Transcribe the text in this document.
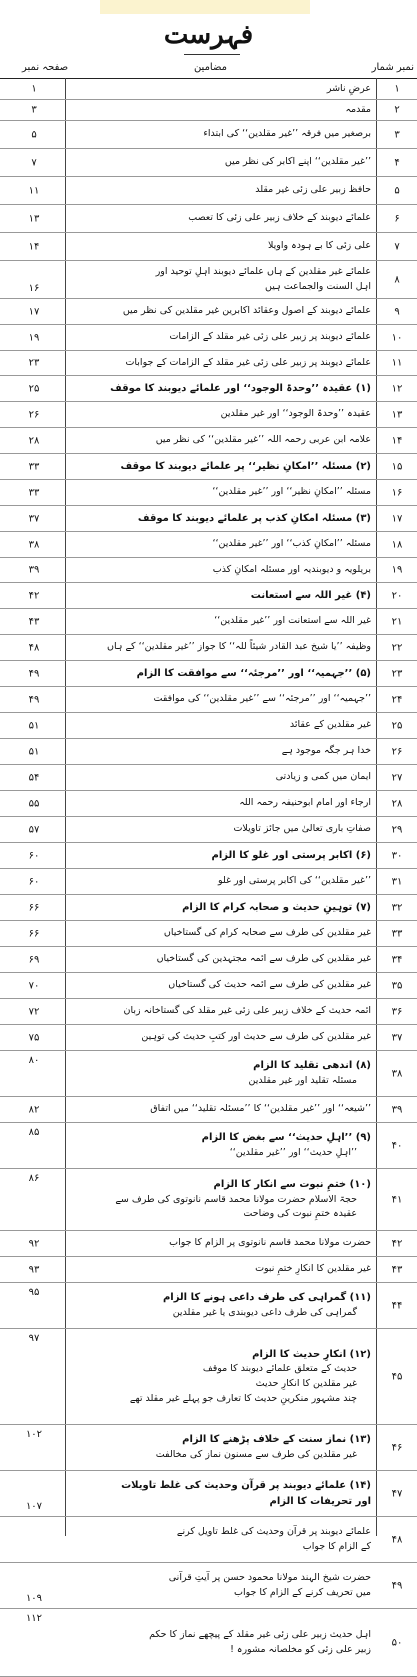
فہرست
نمبر شمار
مضامین
صفحہ نمبر
۱
عرضِ ناشر
۱
۲
مقدمہ
۳
۳
برصغیر میں فرقہ ’’غیر مقلدین‘‘ کی ابتداء
۵
۴
’’غیر مقلدین‘‘ اپنے اکابر کی نظر میں
۷
۵
حافظ زبیر علی زئی غیر مقلد
۱۱
۶
علمائے دیوبند کے خلاف زبیر علی زئی کا تعصب
۱۳
۷
علی زئی کا بے ہودہ واویلا
۱۴
۸
علمائے غیر مقلدین کے ہاں علمائے دیوبند اہلِ توحید اور
اہل السنت والجماعت ہیں
۱۶
۹
علمائے دیوبند کے اصول وعقائد اکابرین غیر مقلدین کی نظر میں
۱۷
۱۰
علمائے دیوبند پر زبیر علی زئی غیر مقلد کے الزامات
۱۹
۱۱
علمائے دیوبند پر زبیر علی زئی غیر مقلد کے الزامات کے جوابات
۲۳
۱۲
(۱) عقیدہ ’’وحدۃ الوجود‘‘ اور علمائے دیوبند کا موقف
۲۵
۱۳
عقیدہ ’’وحدۃ الوجود‘‘ اور غیر مقلدین
۲۶
۱۴
علامہ ابن عربی رحمہ اللہ ’’غیر مقلدین‘‘ کی نظر میں
۲۸
۱۵
(۲) مسئلہ ’’امکانِ نظیر‘‘ پر علمائے دیوبند کا موقف
۳۳
۱۶
مسئلہ ’’امکانِ نظیر‘‘ اور ’’غیر مقلدین‘‘
۳۳
۱۷
(۳) مسئلہ امکانِ کذب پر علمائے دیوبند کا موقف
۳۷
۱۸
مسئلہ ’’امکانِ کذب‘‘ اور ’’غیر مقلدین‘‘
۳۸
۱۹
بریلویہ و دیوبندیہ اور مسئلہ امکانِ کذب
۳۹
۲۰
(۴) غیر اللہ سے استعانت
۴۲
۲۱
غیر اللہ سے استعانت اور ’’غیر مقلدین‘‘
۴۳
۲۲
وظیفہ ’’یا شیخ عبد القادر شیئاً للہ‘‘ کا جواز ’’غیر مقلدین‘‘ کے ہاں
۴۸
۲۳
(۵) ’’جہمیہ‘‘ اور ’’مرجئہ‘‘ سے موافقت کا الزام
۴۹
۲۴
’’جہمیہ‘‘ اور ’’مرجئہ‘‘ سے ’’غیر مقلدین‘‘ کی موافقت
۴۹
۲۵
غیر مقلدین کے عقائد
۵۱
۲۶
خدا ہر جگہ موجود ہے
۵۱
۲۷
ایمان میں کمی و زیادتی
۵۴
۲۸
ارجاء اور امام ابوحنیفہ رحمہ اللہ
۵۵
۲۹
صفاتِ باری تعالیٰ میں جائز تاویلات
۵۷
۳۰
(۶) اکابر پرستی اور غلو کا الزام
۶۰
۳۱
’’غیر مقلدین‘‘ کی اکابر پرستی اور غلو
۶۰
۳۲
(۷) توہینِ حدیث و صحابہ کرام کا الزام
۶۶
۳۳
غیر مقلدین کی طرف سے صحابہ کرام کی گستاخیاں
۶۶
۳۴
غیر مقلدین کی طرف سے ائمہ مجتہدین کی گستاخیاں
۶۹
۳۵
غیر مقلدین کی طرف سے ائمہ حدیث کی گستاخیاں
۷۰
۳۶
ائمہ حدیث کے خلاف زبیر علی زئی غیر مقلد کی گستاخانہ زبان
۷۲
۳۷
غیر مقلدین کی طرف سے حدیث اور کتبِ حدیث کی توہین
۷۵
۳۸
(۸) اندھی تقلید کا الزام
مسئلہ تقلید اور غیر مقلدین
۸۰
۳۹
’’شیعہ‘‘ اور ’’غیر مقلدین‘‘ کا ’’مسئلہ تقلید‘‘ میں اتفاق
۸۲
۴۰
(۹) ’’اہلِ حدیث‘‘ سے بغض کا الزام
’’اہلِ حدیث‘‘ اور ’’غیر مقلدین‘‘
۸۵
۴۱
(۱۰) ختمِ نبوت سے انکار کا الزام
حجۃ الاسلام حضرت مولانا محمد قاسم نانوتوی کی طرف سے
عقیدہ ختمِ نبوت کی وضاحت
۸۶
۴۲
حضرت مولانا محمد قاسم نانوتوی پر الزام کا جواب
۹۲
۴۳
غیر مقلدین کا انکارِ ختمِ نبوت
۹۳
۴۴
(۱۱) گمراہی کی طرف داعی ہونے کا الزام
گمراہی کی طرف داعی دیوبندی یا غیر مقلدین
۹۵
۴۵
(۱۲) انکارِ حدیث کا الزام
حدیث کے متعلق علمائے دیوبند کا موقف
غیر مقلدین کا انکارِ حدیث
چند مشہور منکرینِ حدیث کا تعارف جو پہلے غیر مقلد تھے
۹۷
۴۶
(۱۳) نماز سنت کے خلاف پڑھنے کا الزام
غیر مقلدین کی طرف سے مسنون نماز کی مخالفت
۱۰۲
۴۷
(۱۴) علمائے دیوبند پر قرآن وحدیث کی غلط تاویلات
اور تحریفات کا الزام
۱۰۷
۴۸
علمائے دیوبند پر قرآن وحدیث کی غلط تاویل کرنے
کے الزام کا جواب
۴۹
حضرت شیخ الہند مولانا محمود حسن پر آیتِ قرآنی
میں تحریف کرنے کے الزام کا جواب
۱۰۹
۵۰
اہل حدیث زبیر علی زئی غیر مقلد کے پیچھے نماز کا حکم
زبیر علی زئی کو مخلصانہ مشورہ !
۱۱۲
